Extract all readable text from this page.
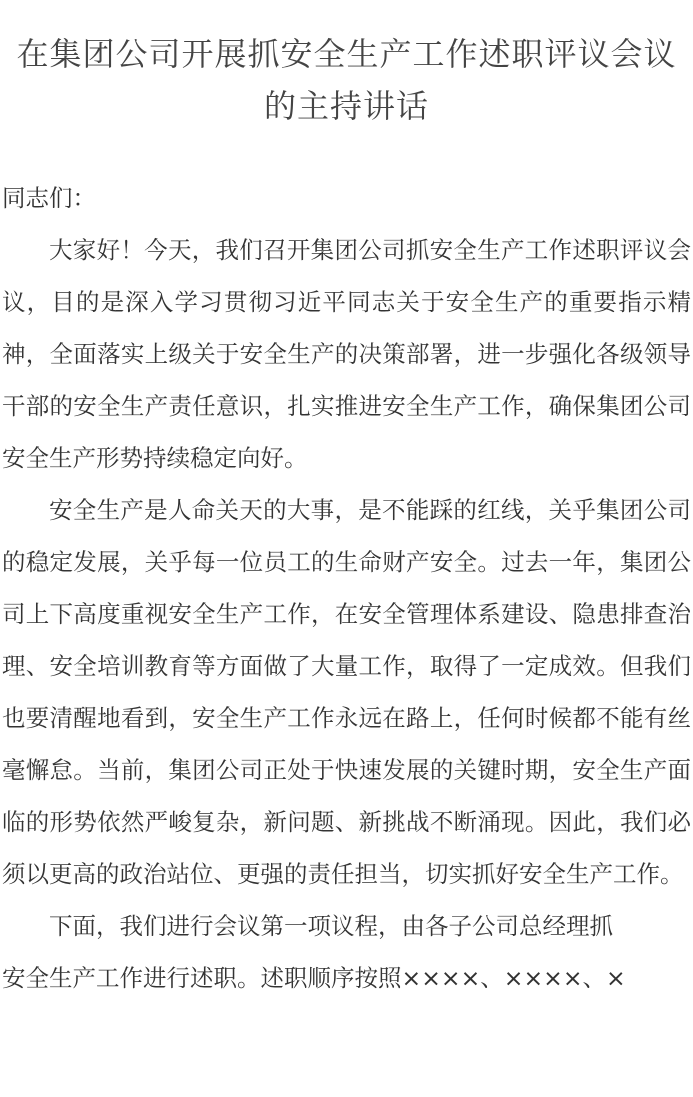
在集团公司开展抓安全生产工作述职评议会议的主持讲话

同志们：

大家好！今天，我们召开集团公司抓安全生产工作述职评议会议，目的是深入学习贯彻习近平同志关于安全生产的重要指示精神，全面落实上级关于安全生产的决策部署，进一步强化各级领导干部的安全生产责任意识，扎实推进安全生产工作，确保集团公司安全生产形势持续稳定向好。

安全生产是人命关天的大事，是不能踩的红线，关乎集团公司的稳定发展，关乎每一位员工的生命财产安全。过去一年，集团公司上下高度重视安全生产工作，在安全管理体系建设、隐患排查治理、安全培训教育等方面做了大量工作，取得了一定成效。但我们也要清醒地看到，安全生产工作永远在路上，任何时候都不能有丝毫懈怠。当前，集团公司正处于快速发展的关键时期，安全生产面临的形势依然严峻复杂，新问题、新挑战不断涌现。因此，我们必须以更高的政治站位、更强的责任担当，切实抓好安全生产工作。

下面，我们进行会议第一项议程，由各子公司总经理抓
安全生产工作进行述职。述职顺序按照××××、××××、×
